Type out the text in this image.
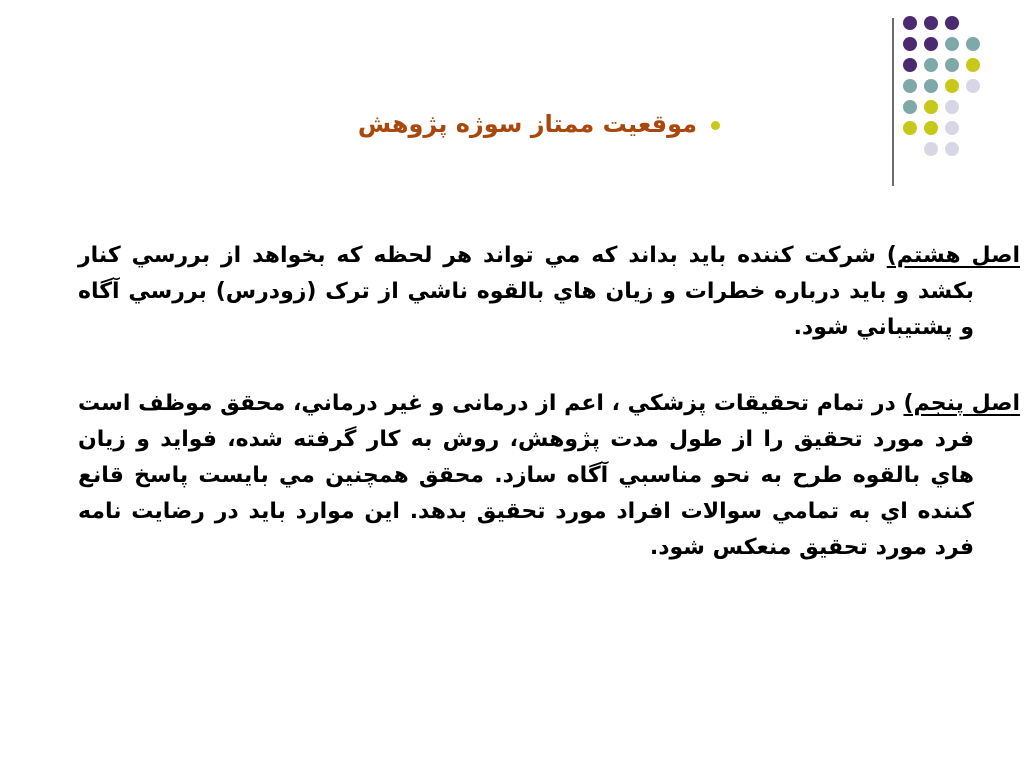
موقعيت ممتاز سوژه پژوهش

اصل هشتم) شركت كننده بايد بداند كه مي تواند هر لحظه كه بخواهد از بررسي كنار بكشد و بايد درباره خطرات و زيان هاي بالقوه ناشي از ترک (زودرس) بررسي آگاه و پشتيباني شود.

اصل پنجم) در تمام تحقيقات پزشكي ، اعم از درمانی و غير درماني، محقق موظف است فرد مورد تحقيق را از طول مدت پژوهش، روش به كار گرفته شده، فوايد و زيان هاي بالقوه طرح به نحو مناسبي آگاه سازد. محقق همچنين مي بايست پاسخ قانع كننده اي به تمامي سوالات افراد مورد تحقيق بدهد. اين موارد بايد در رضايت نامه فرد مورد تحقيق منعكس شود.
